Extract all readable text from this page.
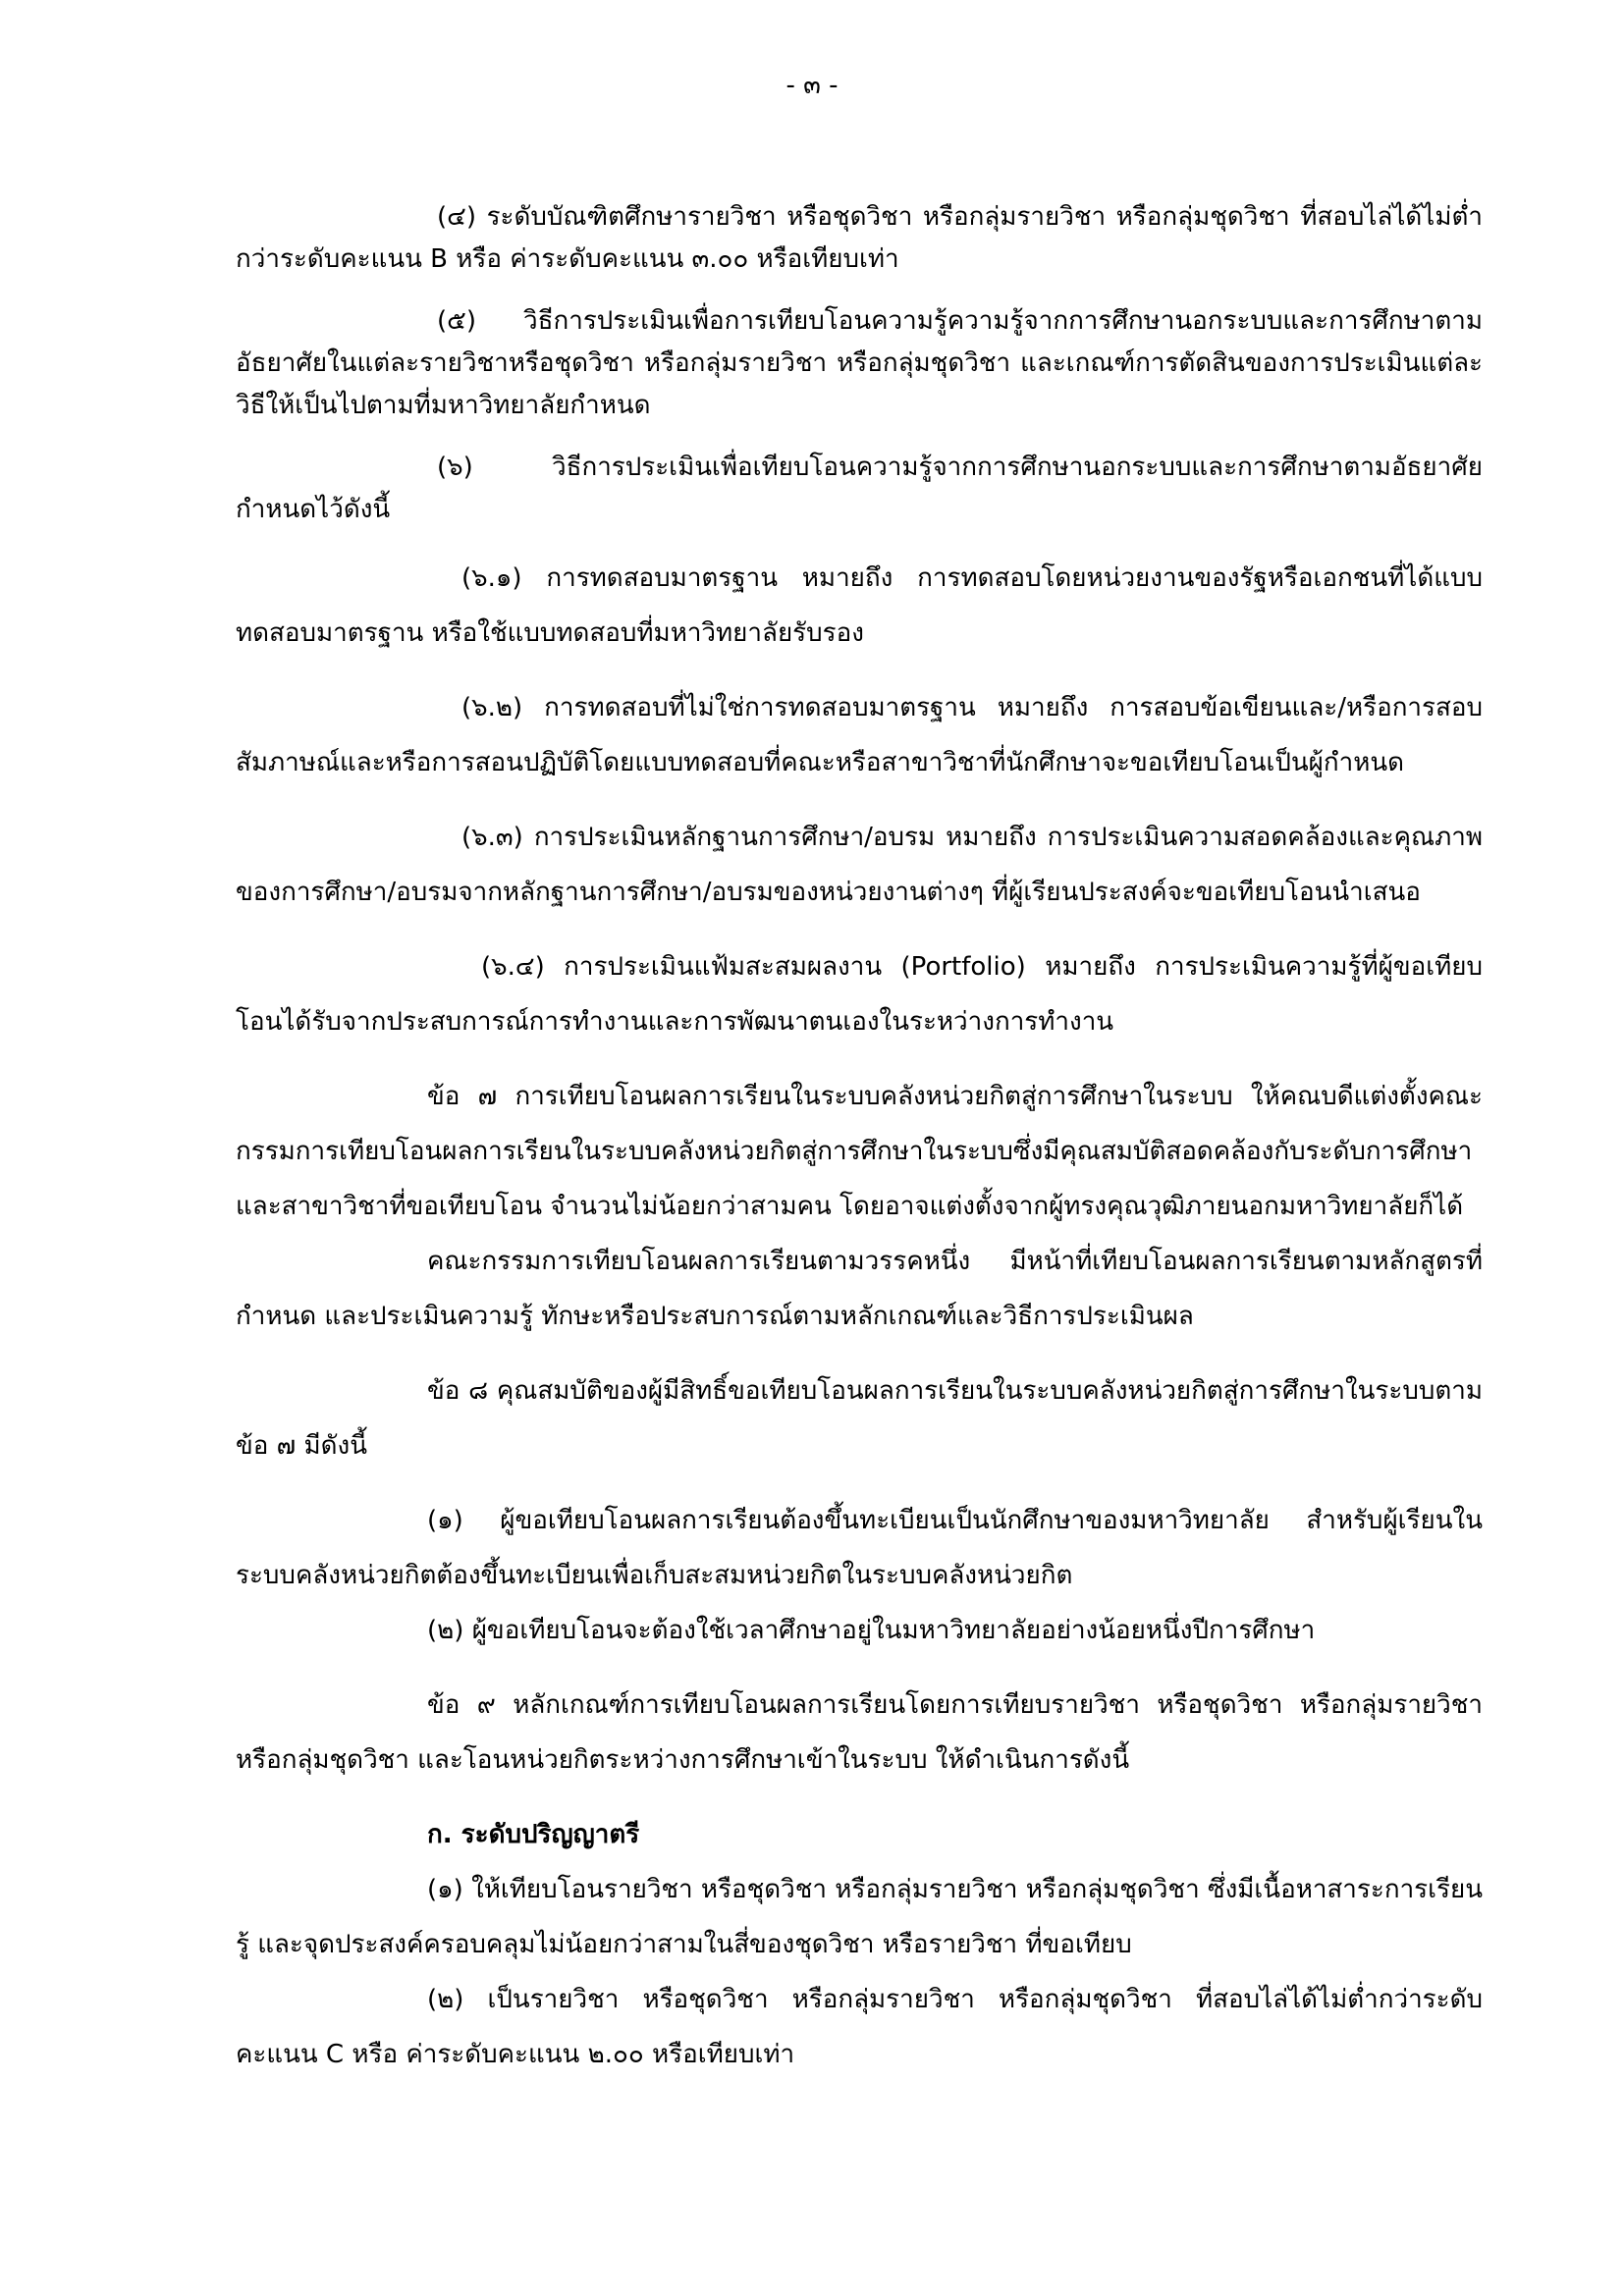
- ๓ -

(๔) ระดับบัณฑิตศึกษารายวิชา หรือชุดวิชา หรือกลุ่มรายวิชา หรือกลุ่มชุดวิชา ที่สอบไล่ได้ไม่ต่ำกว่าระดับคะแนน B หรือ ค่าระดับคะแนน ๓.๐๐ หรือเทียบเท่า

(๕) วิธีการประเมินเพื่อการเทียบโอนความรู้ความรู้จากการศึกษานอกระบบและการศึกษาตามอัธยาศัยในแต่ละรายวิชาหรือชุดวิชา หรือกลุ่มรายวิชา หรือกลุ่มชุดวิชา และเกณฑ์การตัดสินของการประเมินแต่ละวิธีให้เป็นไปตามที่มหาวิทยาลัยกำหนด

(๖) วิธีการประเมินเพื่อเทียบโอนความรู้จากการศึกษานอกระบบและการศึกษาตามอัธยาศัยกำหนดไว้ดังนี้

(๖.๑) การทดสอบมาตรฐาน หมายถึง การทดสอบโดยหน่วยงานของรัฐหรือเอกชนที่ได้แบบทดสอบมาตรฐาน หรือใช้แบบทดสอบที่มหาวิทยาลัยรับรอง

(๖.๒) การทดสอบที่ไม่ใช่การทดสอบมาตรฐาน หมายถึง การสอบข้อเขียนและ/หรือการสอบสัมภาษณ์และหรือการสอนปฏิบัติโดยแบบทดสอบที่คณะหรือสาขาวิชาที่นักศึกษาจะขอเทียบโอนเป็นผู้กำหนด

(๖.๓) การประเมินหลักฐานการศึกษา/อบรม หมายถึง การประเมินความสอดคล้องและคุณภาพของการศึกษา/อบรมจากหลักฐานการศึกษา/อบรมของหน่วยงานต่างๆ ที่ผู้เรียนประสงค์จะขอเทียบโอนนำเสนอ

(๖.๔) การประเมินแฟ้มสะสมผลงาน (Portfolio) หมายถึง การประเมินความรู้ที่ผู้ขอเทียบโอนได้รับจากประสบการณ์การทำงานและการพัฒนาตนเองในระหว่างการทำงาน

ข้อ ๗ การเทียบโอนผลการเรียนในระบบคลังหน่วยกิตสู่การศึกษาในระบบ ให้คณบดีแต่งตั้งคณะกรรมการเทียบโอนผลการเรียนในระบบคลังหน่วยกิตสู่การศึกษาในระบบซึ่งมีคุณสมบัติสอดคล้องกับระดับการศึกษาและสาขาวิชาที่ขอเทียบโอน จำนวนไม่น้อยกว่าสามคน โดยอาจแต่งตั้งจากผู้ทรงคุณวุฒิภายนอกมหาวิทยาลัยก็ได้

คณะกรรมการเทียบโอนผลการเรียนตามวรรคหนึ่ง มีหน้าที่เทียบโอนผลการเรียนตามหลักสูตรที่กำหนด และประเมินความรู้ ทักษะหรือประสบการณ์ตามหลักเกณฑ์และวิธีการประเมินผล

ข้อ ๘ คุณสมบัติของผู้มีสิทธิ์ขอเทียบโอนผลการเรียนในระบบคลังหน่วยกิตสู่การศึกษาในระบบตามข้อ ๗ มีดังนี้

(๑) ผู้ขอเทียบโอนผลการเรียนต้องขึ้นทะเบียนเป็นนักศึกษาของมหาวิทยาลัย สำหรับผู้เรียนในระบบคลังหน่วยกิตต้องขึ้นทะเบียนเพื่อเก็บสะสมหน่วยกิตในระบบคลังหน่วยกิต

(๒) ผู้ขอเทียบโอนจะต้องใช้เวลาศึกษาอยู่ในมหาวิทยาลัยอย่างน้อยหนึ่งปีการศึกษา

ข้อ ๙ หลักเกณฑ์การเทียบโอนผลการเรียนโดยการเทียบรายวิชา หรือชุดวิชา หรือกลุ่มรายวิชา หรือกลุ่มชุดวิชา และโอนหน่วยกิตระหว่างการศึกษาเข้าในระบบ ให้ดำเนินการดังนี้

ก. ระดับปริญญาตรี

(๑) ให้เทียบโอนรายวิชา หรือชุดวิชา หรือกลุ่มรายวิชา หรือกลุ่มชุดวิชา ซึ่งมีเนื้อหาสาระการเรียนรู้ และจุดประสงค์ครอบคลุมไม่น้อยกว่าสามในสี่ของชุดวิชา หรือรายวิชา ที่ขอเทียบ

(๒) เป็นรายวิชา หรือชุดวิชา หรือกลุ่มรายวิชา หรือกลุ่มชุดวิชา ที่สอบไล่ได้ไม่ต่ำกว่าระดับคะแนน C หรือ ค่าระดับคะแนน ๒.๐๐ หรือเทียบเท่า
